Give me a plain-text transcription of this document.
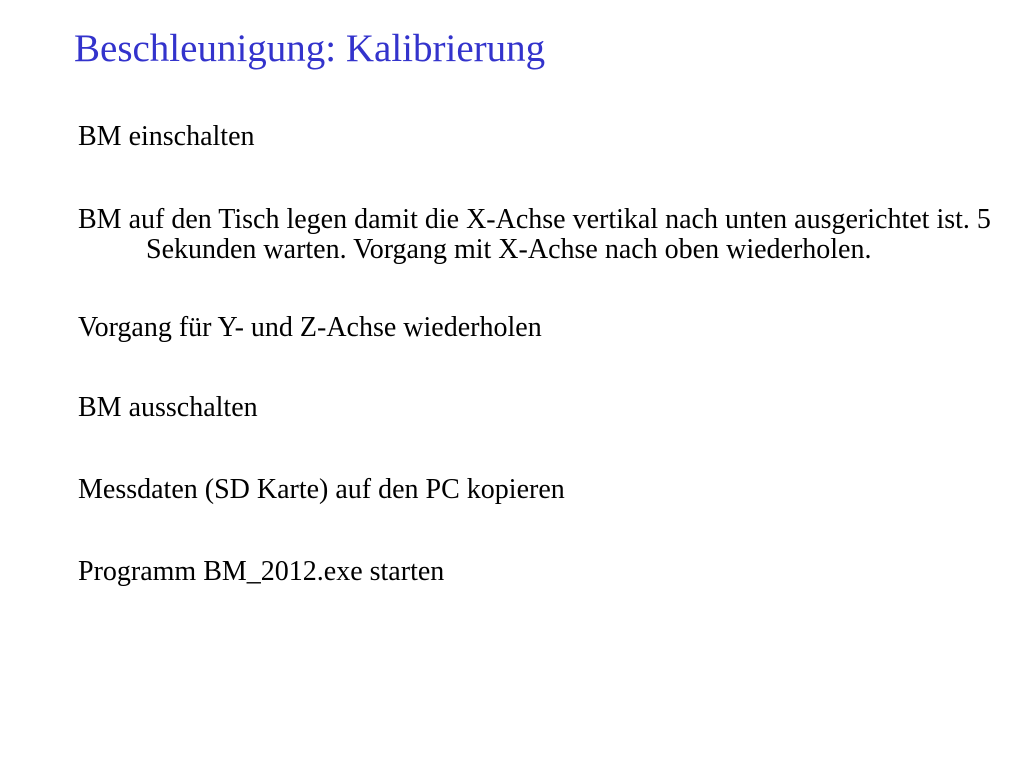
Beschleunigung: Kalibrierung

BM einschalten

BM auf den Tisch legen damit die X-Achse vertikal nach unten ausgerichtet ist. 5 Sekunden warten. Vorgang mit X-Achse nach oben wiederholen.

Vorgang für Y- und Z-Achse wiederholen

BM ausschalten

Messdaten (SD Karte) auf den PC kopieren

Programm BM_2012.exe starten
